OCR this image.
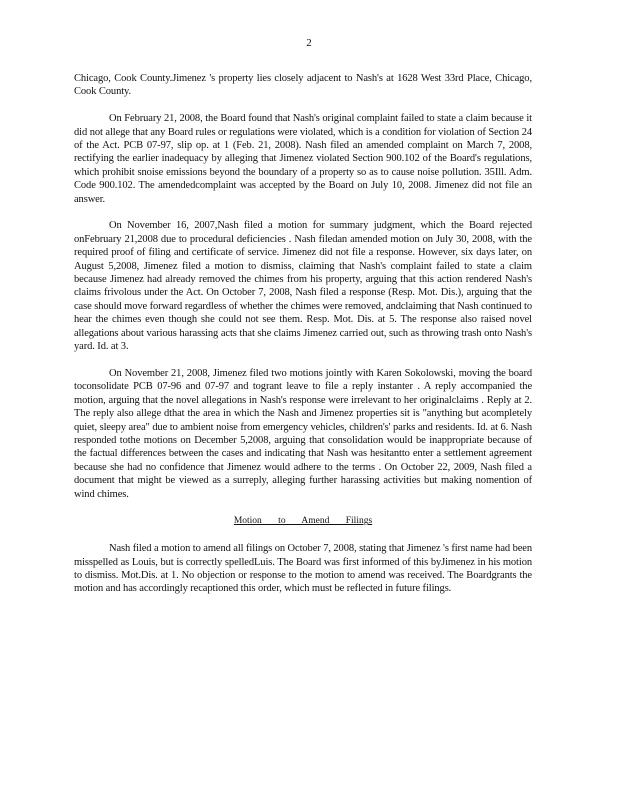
2

Chicago, Cook County.Jimenez 's property lies closely adjacent to Nash's at 1628 West 33rd Place, Chicago, Cook County.

On February 21, 2008, the Board found that Nash's original complaint failed to state a claim because it did not allege that any Board rules or regulations were violated, which is a condition for violation of Section 24 of the Act. PCB 07-97, slip op. at 1 (Feb. 21, 2008). Nash filed an amended complaint on March 7, 2008, rectifying the earlier inadequacy by alleging that Jimenez violated Section 900.102 of the Board's regulations, which prohibit snoise emissions beyond the boundary of a property so as to cause noise pollution. 35Ill. Adm. Code 900.102. The amendedcomplaint was accepted by the Board on July 10, 2008. Jimenez did not file an answer.

On November 16, 2007,Nash filed a motion for summary judgment, which the Board rejected onFebruary 21,2008 due to procedural deficiencies . Nash filedan amended motion on July 30, 2008, with the required proof of filing and certificate of service. Jimenez did not file a response. However, six days later, on August 5,2008, Jimenez filed a motion to dismiss, claiming that Nash's complaint failed to state a claim because Jimenez had already removed the chimes from his property, arguing that this action rendered Nash's claims frivolous under the Act. On October 7, 2008, Nash filed a response (Resp. Mot. Dis.), arguing that the case should move forward regardless of whether the chimes were removed, andclaiming that Nash continued to hear the chimes even though she could not see them. Resp. Mot. Dis. at 5. The response also raised novel allegations about various harassing acts that she claims Jimenez carried out, such as throwing trash onto Nash's yard. Id. at 3.

On November 21, 2008, Jimenez filed two motions jointly with Karen Sokolowski, moving the board toconsolidate PCB 07-96 and 07-97 and togrant leave to file a reply instanter . A reply accompanied the motion, arguing that the novel allegations in Nash's response were irrelevant to her originalclaims . Reply at 2. The reply also allege dthat the area in which the Nash and Jimenez properties sit is "anything but acompletely quiet, sleepy area" due to ambient noise from emergency vehicles, children's' parks and residents. Id. at 6. Nash responded tothe motions on December 5,2008, arguing that consolidation would be inappropriate because of the factual differences between the cases and indicating that Nash was hesitantto enter a settlement agreement because she had no confidence that Jimenez would adhere to the terms . On October 22, 2009, Nash filed a document that might be viewed as a surreply, alleging further harassing activities but making nomention of wind chimes.

Motion to Amend Filings

Nash filed a motion to amend all filings on October 7, 2008, stating that Jimenez 's first name had been misspelled as Louis, but is correctly spelledLuis. The Board was first informed of this byJimenez in his motion to dismiss. Mot.Dis. at 1. No objection or response to the motion to amend was received. The Boardgrants the motion and has accordingly recaptioned this order, which must be reflected in future filings.
